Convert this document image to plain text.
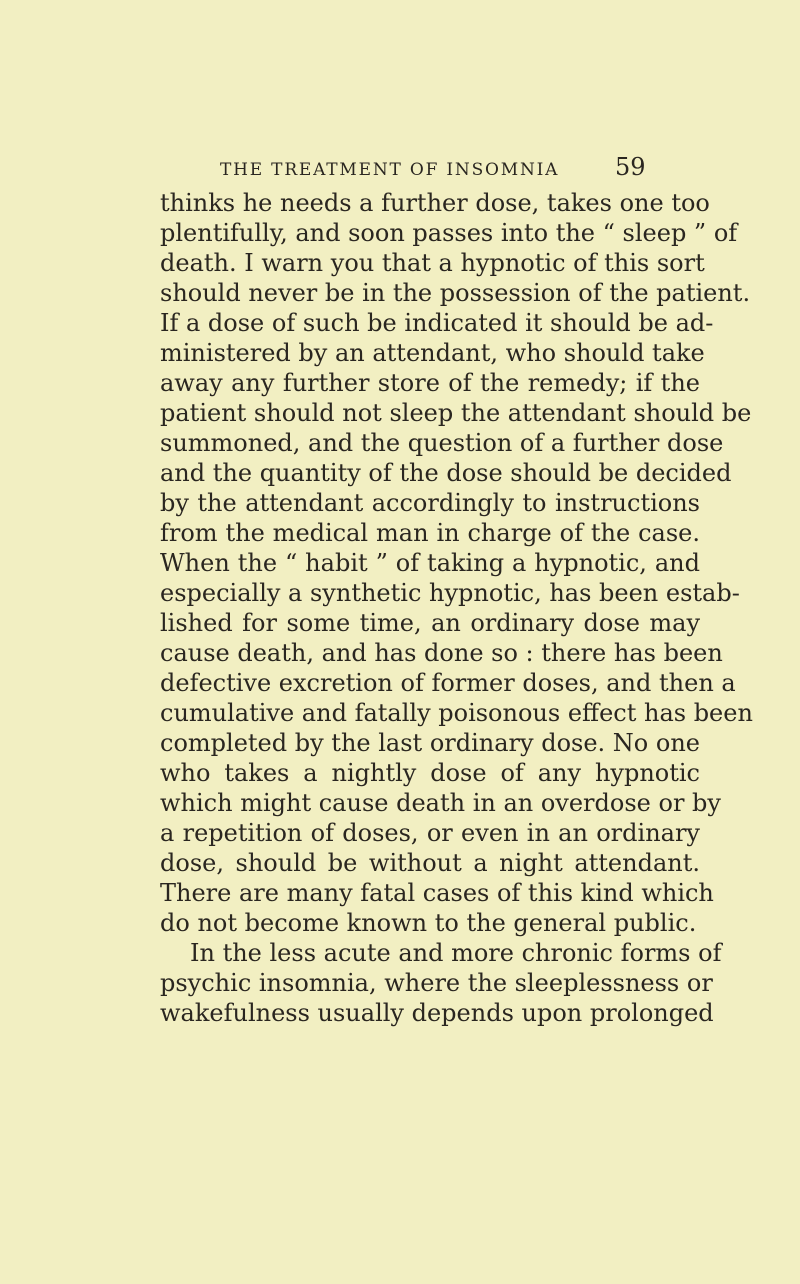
THE TREATMENT OF INSOMNIA 59
thinks he needs a further dose, takes one too
plentifully, and soon passes into the “ sleep ” of
death. I warn you that a hypnotic of this sort
should never be in the possession of the patient.
If a dose of such be indicated it should be ad-
ministered by an attendant, who should take
away any further store of the remedy; if the
patient should not sleep the attendant should be
summoned, and the question of a further dose
and the quantity of the dose should be decided
by the attendant accordingly to instructions
from the medical man in charge of the case.
When the “ habit ” of taking a hypnotic, and
especially a synthetic hypnotic, has been estab-
lished for some time, an ordinary dose may
cause death, and has done so : there has been
defective excretion of former doses, and then a
cumulative and fatally poisonous effect has been
completed by the last ordinary dose. No one
who takes a nightly dose of any hypnotic
which might cause death in an overdose or by
a repetition of doses, or even in an ordinary
dose, should be without a night attendant.
There are many fatal cases of this kind which
do not become known to the general public.
In the less acute and more chronic forms of
psychic insomnia, where the sleeplessness or
wakefulness usually depends upon prolonged
